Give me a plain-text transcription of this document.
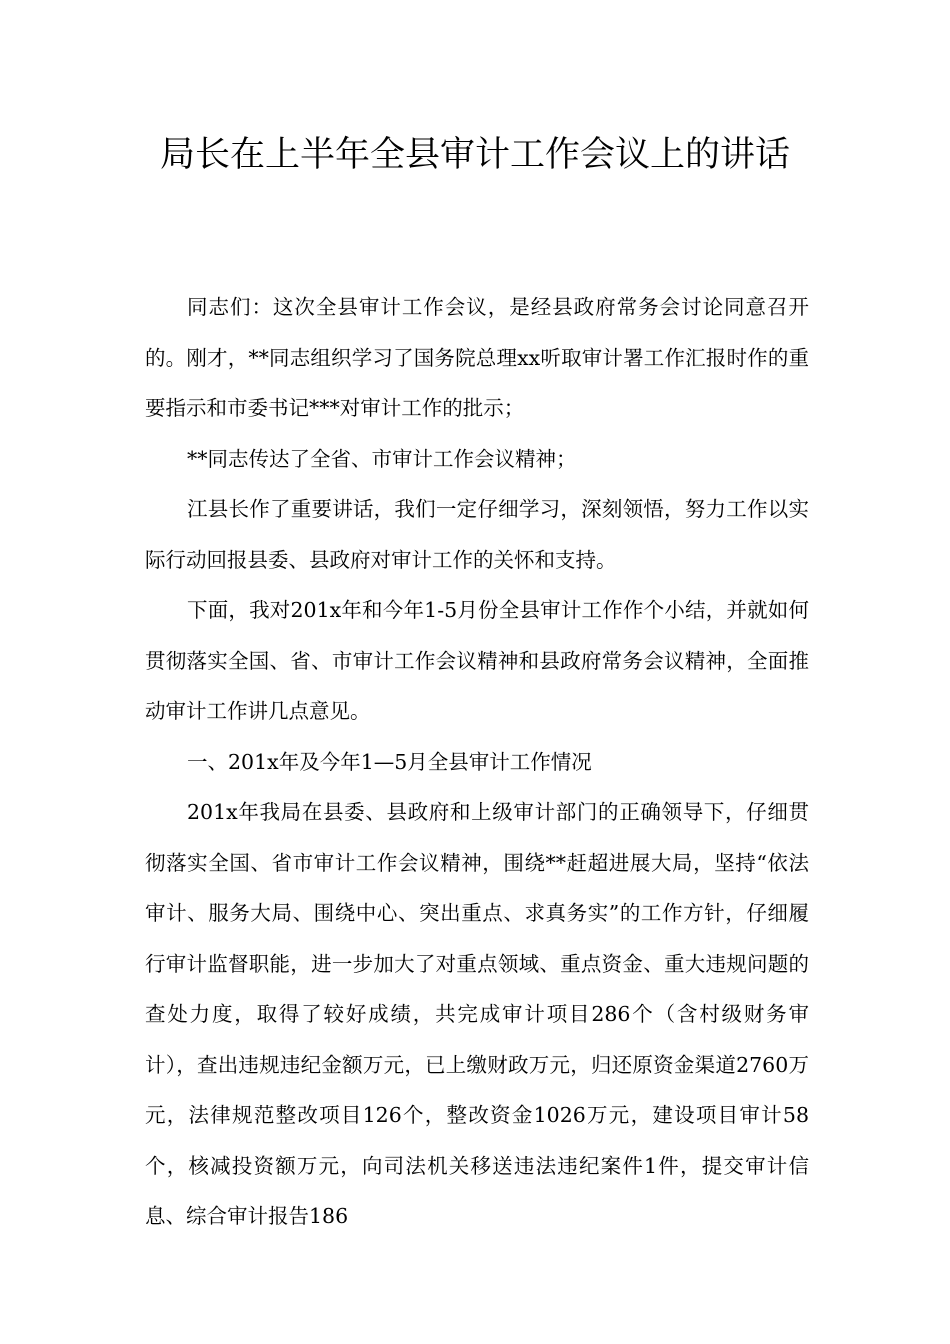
局长在上半年全县审计工作会议上的讲话

同志们：这次全县审计工作会议，是经县政府常务会讨论同意召开的。刚才，**同志组织学习了国务院总理xx听取审计署工作汇报时作的重要指示和市委书记***对审计工作的批示；

**同志传达了全省、市审计工作会议精神；

江县长作了重要讲话，我们一定仔细学习，深刻领悟，努力工作以实际行动回报县委、县政府对审计工作的关怀和支持。

下面，我对201x年和今年1-5月份全县审计工作作个小结，并就如何贯彻落实全国、省、市审计工作会议精神和县政府常务会议精神，全面推动审计工作讲几点意见。

一、201x年及今年1—5月全县审计工作情况

201x年我局在县委、县政府和上级审计部门的正确领导下，仔细贯彻落实全国、省市审计工作会议精神，围绕**赶超进展大局，坚持“依法审计、服务大局、围绕中心、突出重点、求真务实”的工作方针，仔细履行审计监督职能，进一步加大了对重点领域、重点资金、重大违规问题的查处力度，取得了较好成绩，共完成审计项目286个（含村级财务审计），查出违规违纪金额万元，已上缴财政万元，归还原资金渠道2760万元，法律规范整改项目126个，整改资金1026万元，建设项目审计58个，核减投资额万元，向司法机关移送违法违纪案件1件，提交审计信息、综合审计报告186
